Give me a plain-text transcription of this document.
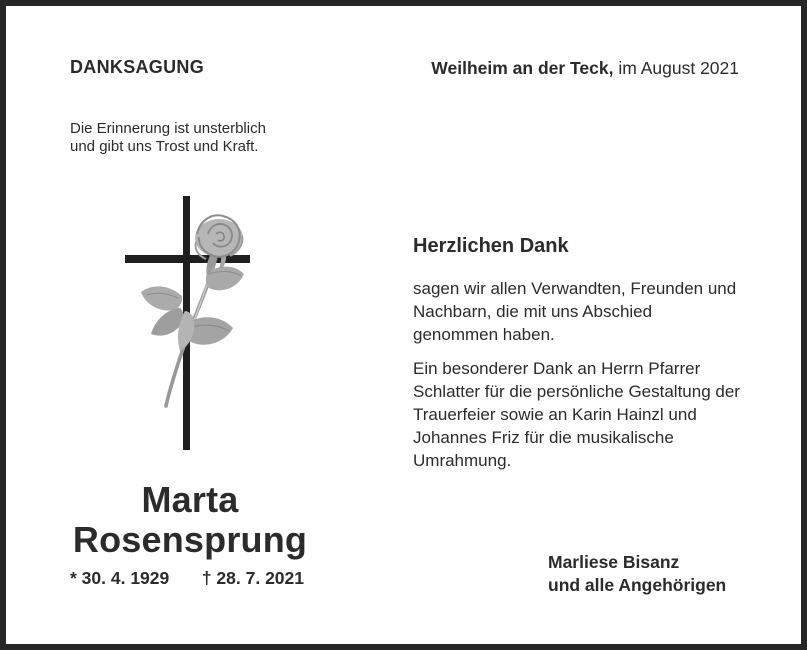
DANKSAGUNG	Weilheim an der Teck, im August 2021
Die Erinnerung ist unsterblich
und gibt uns Trost und Kraft.
Herzlichen Dank

sagen wir allen Verwandten, Freunden und Nachbarn, die mit uns Abschied genommen haben.

Ein besonderer Dank an Herrn Pfarrer Schlatter für die persönliche Gestaltung der Trauerfeier sowie an Karin Hainzl und Johannes Friz für die musikalische Umrahmung.

Marta
Rosensprung
* 30. 4. 1929 † 28. 7. 2021
Marliese Bisanz
und alle Angehörigen
